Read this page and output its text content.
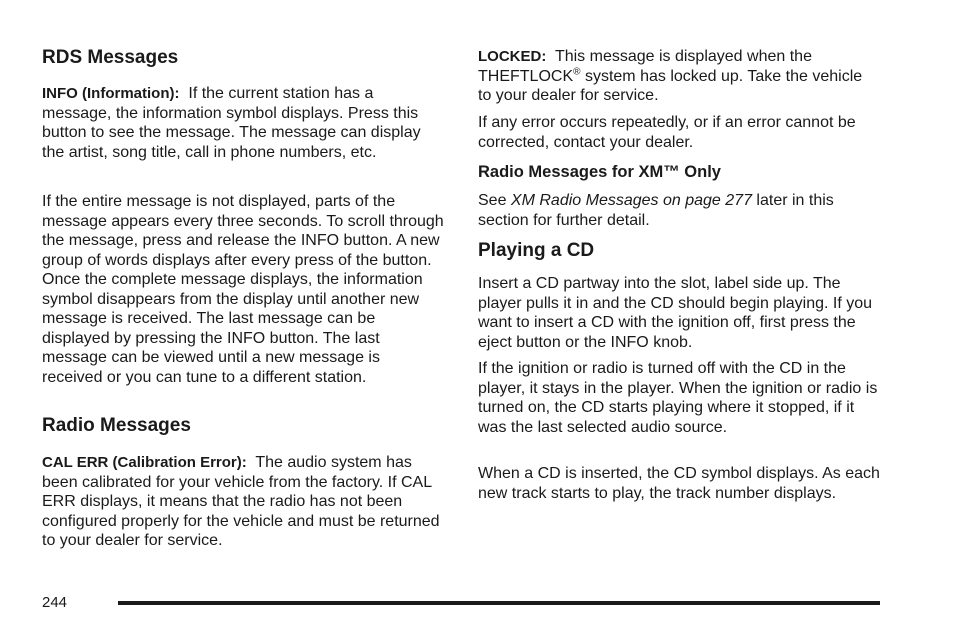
RDS Messages

INFO (Information): If the current station has a message, the information symbol displays. Press this button to see the message. The message can display the artist, song title, call in phone numbers, etc.

If the entire message is not displayed, parts of the message appears every three seconds. To scroll through the message, press and release the INFO button. A new group of words displays after every press of the button. Once the complete message displays, the information symbol disappears from the display until another new message is received. The last message can be displayed by pressing the INFO button. The last message can be viewed until a new message is received or you can tune to a different station.

Radio Messages

CAL ERR (Calibration Error): The audio system has been calibrated for your vehicle from the factory. If CAL ERR displays, it means that the radio has not been configured properly for the vehicle and must be returned to your dealer for service.

LOCKED: This message is displayed when the THEFTLOCK® system has locked up. Take the vehicle to your dealer for service.

If any error occurs repeatedly, or if an error cannot be corrected, contact your dealer.

Radio Messages for XM™ Only

See XM Radio Messages on page 277 later in this section for further detail.

Playing a CD

Insert a CD partway into the slot, label side up. The player pulls it in and the CD should begin playing. If you want to insert a CD with the ignition off, first press the eject button or the INFO knob.

If the ignition or radio is turned off with the CD in the player, it stays in the player. When the ignition or radio is turned on, the CD starts playing where it stopped, if it was the last selected audio source.

When a CD is inserted, the CD symbol displays. As each new track starts to play, the track number displays.

244
